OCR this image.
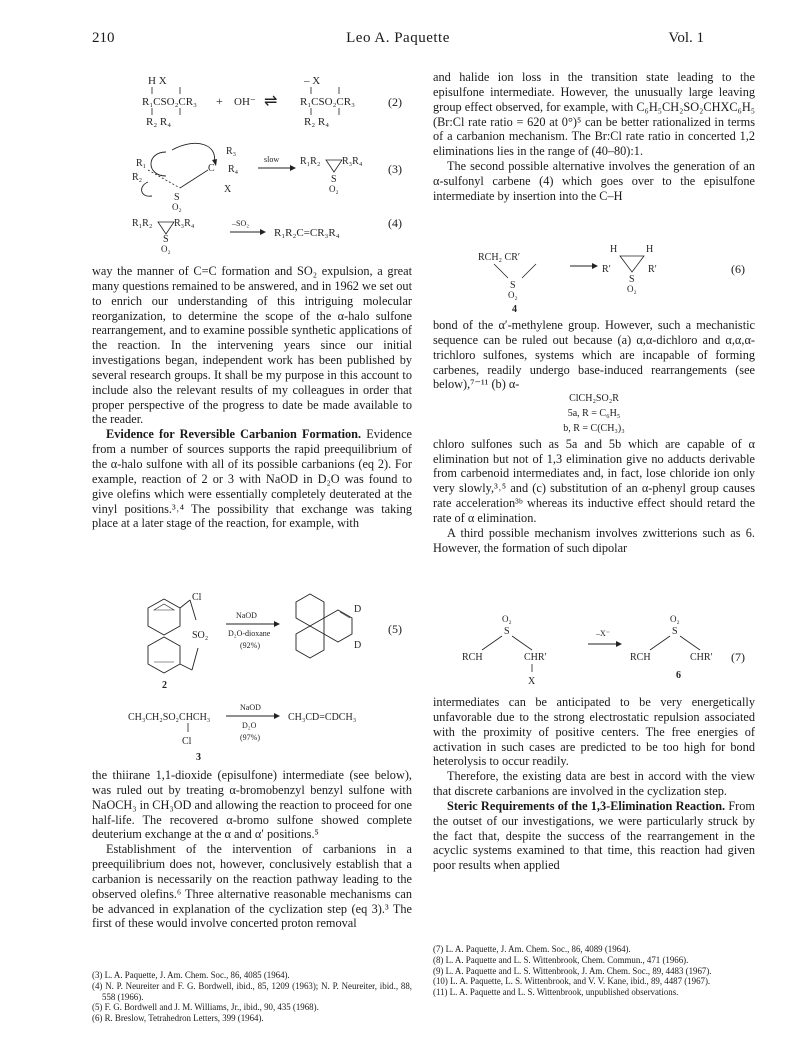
210	Leo A. Paquette	Vol. 1
H X
R₁CSO₂CR₃
R₂ R₄
+ OH⁻ ⇌
– X
R₁CSO₂CR₃
R₂ R₄
(2)
R₁
R₂
S
O₂
C
R₃
R₄
X
slow R₁R₂ R₃R₄
S
O₂
(3)
R₁R₂ R₃R₄
S
O₂
–SO₂
R₁R₂C=CR₃R₄
(4)

way the manner of C=C formation and SO₂ expulsion, a great many questions remained to be answered, and in 1962 we set out to enrich our understanding of this intriguing molecular reorganization, to determine the scope of the α-halo sulfone rearrangement, and to examine possible synthetic applications of the reaction. In the intervening years since our initial investigations began, independent work has been published by several research groups. It shall be my purpose in this account to include also the relevant results of my colleagues in order that proper perspective of the progress to date be made available to the reader.

Evidence for Reversible Carbanion Formation. Evidence from a number of sources supports the rapid preequilibrium of the α-halo sulfone with all of its possible carbanions (eq 2). For example, reaction of 2 or 3 with NaOD in D₂O was found to give olefins which were essentially completely deuterated at the vinyl positions.³˒⁴ The possibility that exchange was taking place at a later stage of the reaction, for example, with

Cl
SO₂
2
NaOD
D₂O-dioxane
(92%)
D
D
CH₃CH₂SO₂CHCH₃
Cl
NaOD
D₂O
(97%)
CH₃CD=CDCH₃
(5)
3

the thiirane 1,1-dioxide (episulfone) intermediate (see below), was ruled out by treating α-bromobenzyl benzyl sulfone with NaOCH₃ in CH₃OD and allowing the reaction to proceed for one half-life. The recovered α-bromo sulfone showed complete deuterium exchange at the α and α′ positions.⁵

Establishment of the intervention of carbanions in a preequilibrium does not, however, conclusively establish that a carbanion is necessarily on the reaction pathway leading to the observed olefins.⁶ Three alternative reasonable mechanisms can be advanced in explanation of the cyclization step (eq 3).³ The first of these would involve concerted proton removal

(3) L. A. Paquette, J. Am. Chem. Soc., 86, 4085 (1964).

(4) N. P. Neureiter and F. G. Bordwell, ibid., 85, 1209 (1963); N. P. Neureiter, ibid., 88, 558 (1966).

(5) F. G. Bordwell and J. M. Williams, Jr., ibid., 90, 435 (1968).

(6) R. Breslow, Tetrahedron Letters, 399 (1964).

and halide ion loss in the transition state leading to the episulfone intermediate. However, the unusually large leaving group effect observed, for example, with C₆H₅CH₂SO₂CHXC₆H₅ (Br:Cl rate ratio = 620 at 0°)⁵ can be better rationalized in terms of a carbanion mechanism. The Br:Cl rate ratio in concerted 1,2 eliminations lies in the range of (40–80):1.

The second possible alternative involves the generation of an α-sulfonyl carbene (4) which goes over to the episulfone intermediate by insertion into the C–H

RCH₂ CR′
S
O₂
4
H	H
R′	R′
S
O₂
(6)

bond of the α′-methylene group. However, such a mechanistic sequence can be ruled out because (a) α,α-dichloro and α,α,α-trichloro sulfones, systems which are incapable of forming carbenes, readily undergo base-induced rearrangements (see below),⁷⁻¹¹ (b) α-

ClCH₂SO₂R

5a, R = C₆H₅

b, R = C(CH₃)₃

chloro sulfones such as 5a and 5b which are capable of α elimination but not of 1,3 elimination give no adducts derivable from carbenoid intermediates and, in fact, lose chloride ion only very slowly,³˒⁵ and (c) substitution of an α-phenyl group causes rate acceleration³ᵇ whereas its inductive effect should retard the rate of α elimination.

A third possible mechanism involves zwitterions such as 6. However, the formation of such dipolar

O₂
S
RCH	CHR′
X
–X⁻
O₂
S
RCH	CHR′
6
(7)

intermediates can be anticipated to be very energetically unfavorable due to the strong electrostatic repulsion associated with the proximity of positive centers. The free energies of activation in such cases are predicted to be too high for bond heterolysis to occur readily.

Therefore, the existing data are best in accord with the view that discrete carbanions are involved in the cyclization step.

Steric Requirements of the 1,3-Elimination Reaction. From the outset of our investigations, we were particularly struck by the fact that, despite the success of the rearrangement in the acyclic systems examined to that time, this reaction had given poor results when applied

(7) L. A. Paquette, J. Am. Chem. Soc., 86, 4089 (1964).

(8) L. A. Paquette and L. S. Wittenbrook, Chem. Commun., 471 (1966).

(9) L. A. Paquette and L. S. Wittenbrook, J. Am. Chem. Soc., 89, 4483 (1967).

(10) L. A. Paquette, L. S. Wittenbrook, and V. V. Kane, ibid., 89, 4487 (1967).

(11) L. A. Paquette and L. S. Wittenbrook, unpublished observations.
